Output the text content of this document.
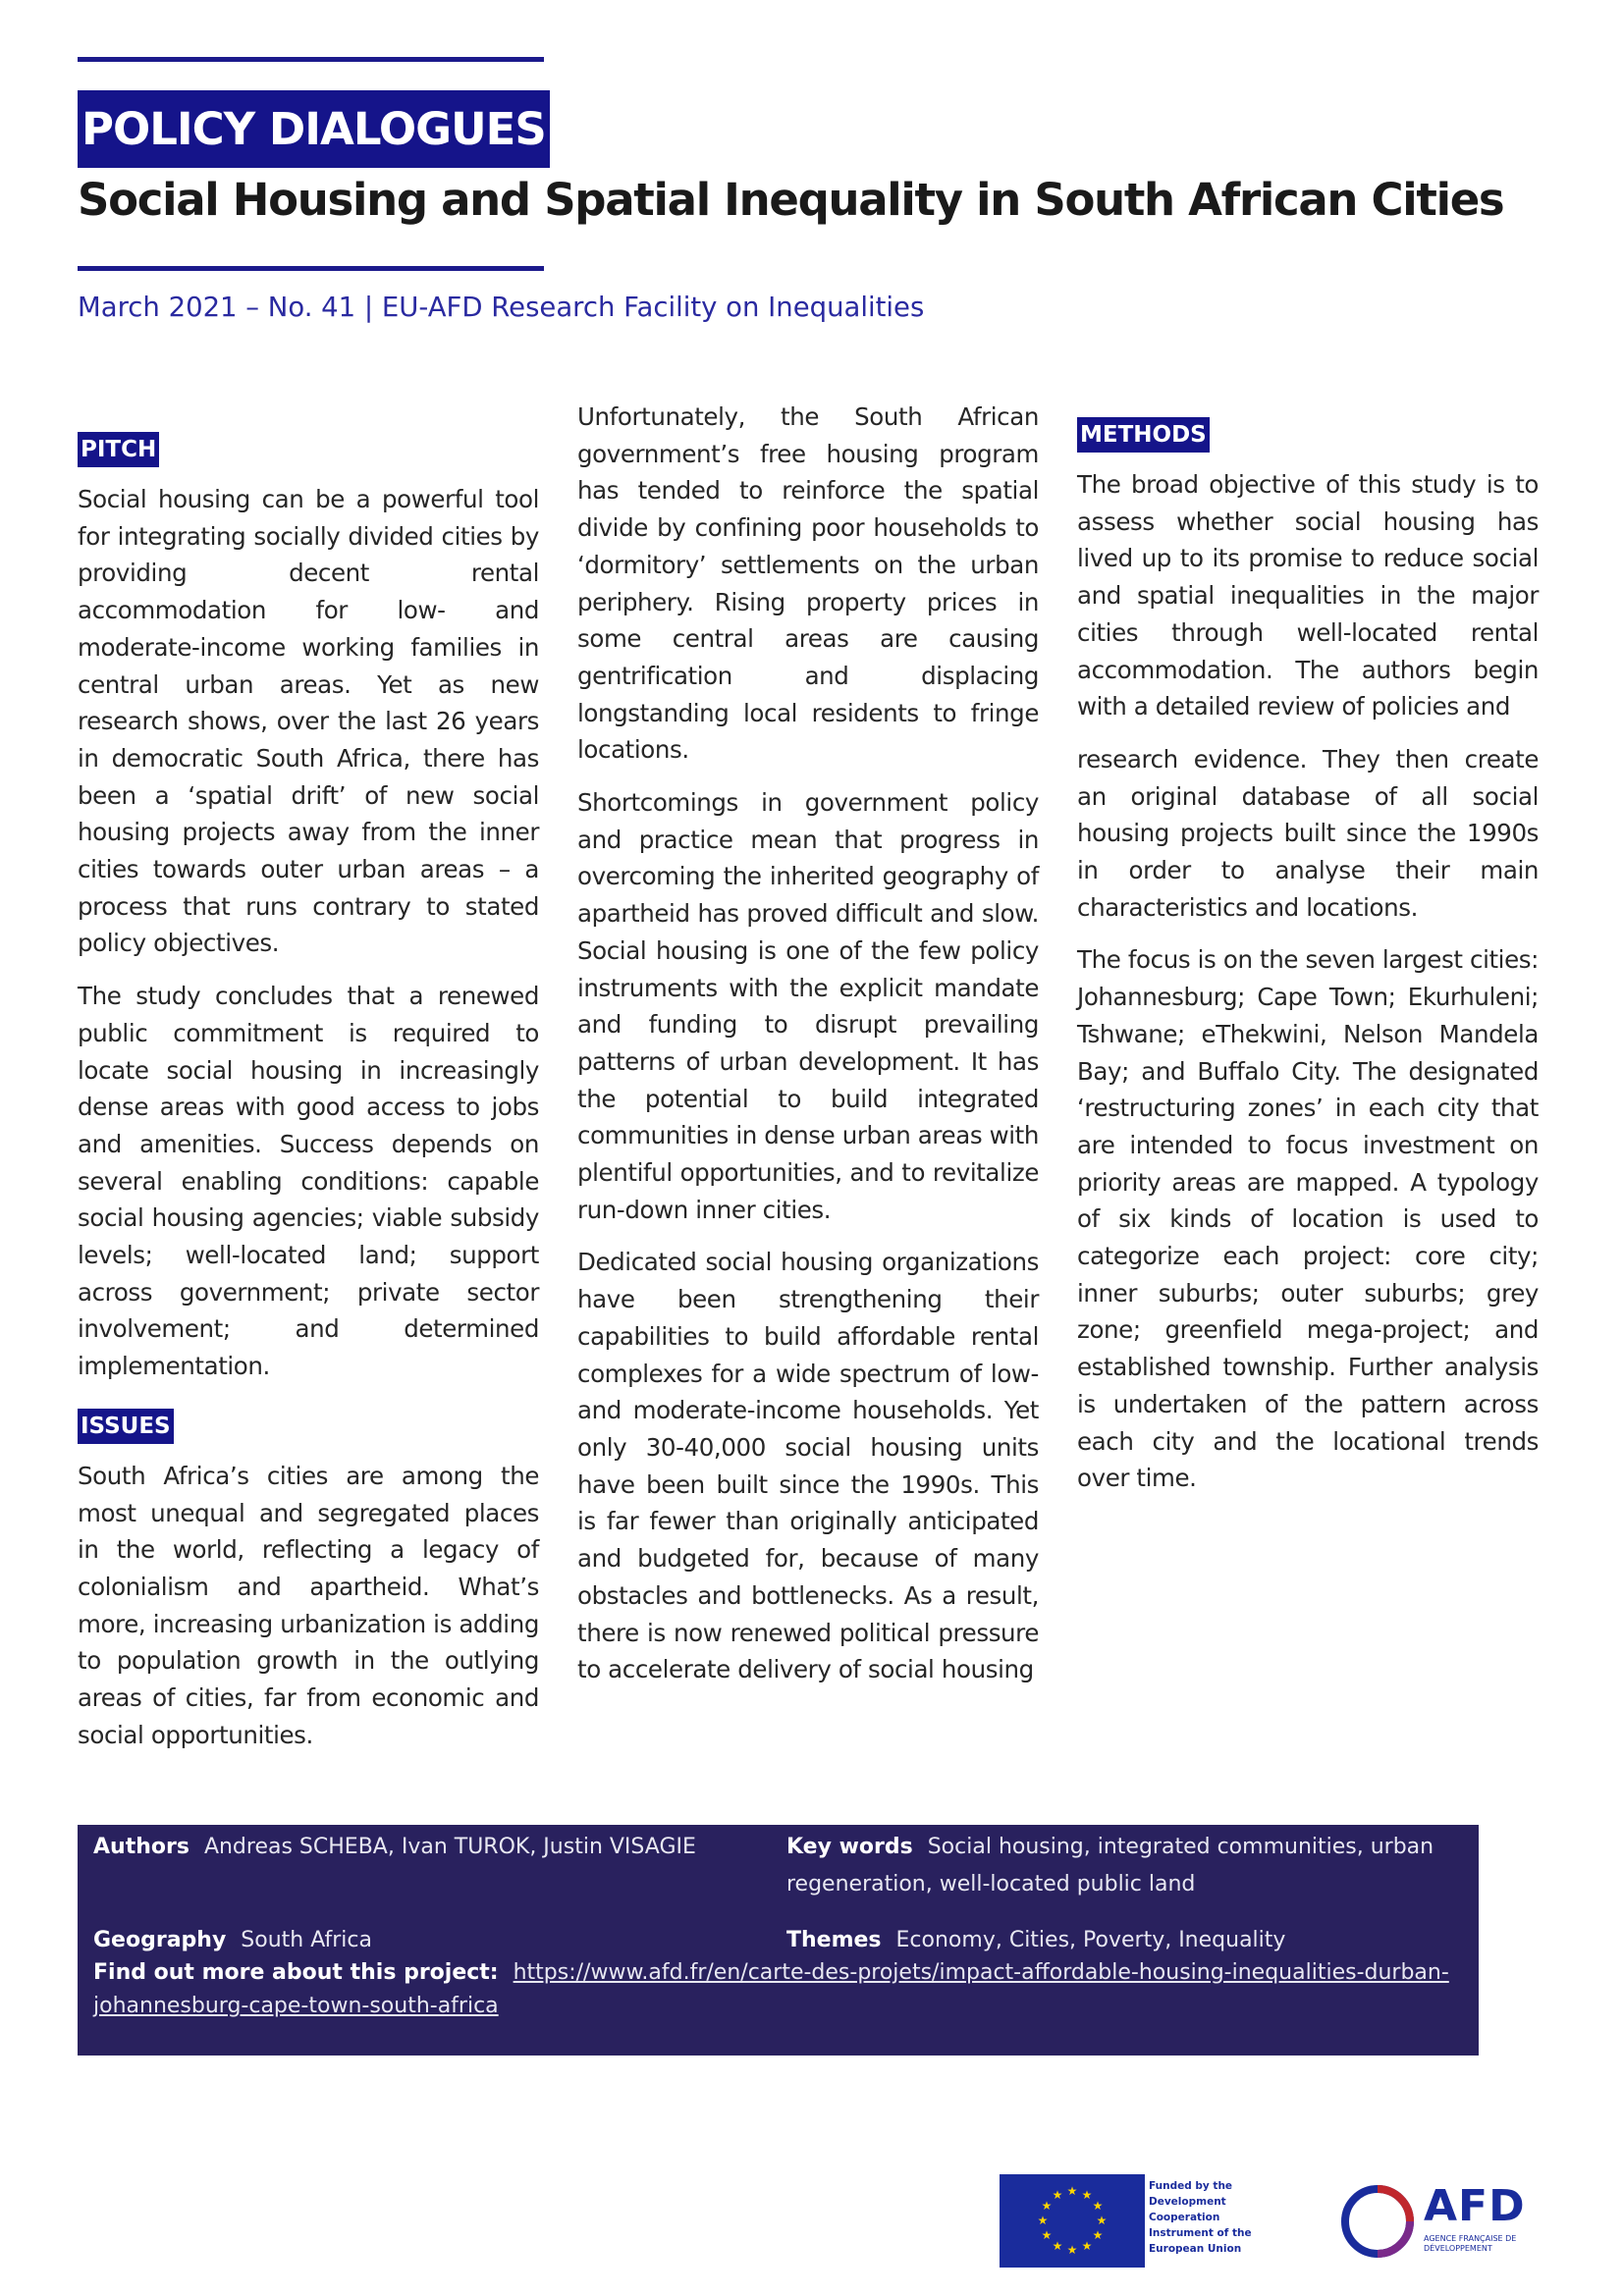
POLICY DIALOGUES
Social Housing and Spatial Inequality in South African Cities
March 2021 – No. 41 | EU-AFD Research Facility on Inequalities
PITCH

Social housing can be a powerful tool for integrating socially divided cities by providing decent rental accommodation for low- and moderate-income working families in central urban areas. Yet as new research shows, over the last 26 years in democratic South Africa, there has been a ‘spatial drift’ of new social housing projects away from the inner cities towards outer urban areas – a process that runs contrary to stated policy objectives.

The study concludes that a renewed public commitment is required to locate social housing in increasingly dense areas with good access to jobs and amenities. Success depends on several enabling conditions: capable social housing agencies; viable subsidy levels; well-located land; support across government; private sector involvement; and determined implementation.

ISSUES

South Africa’s cities are among the most unequal and segregated places in the world, reflecting a legacy of colonialism and apartheid. What’s more, increasing urbanization is adding to population growth in the outlying areas of cities, far from economic and social opportunities.

Unfortunately, the South African government’s free housing program has tended to reinforce the spatial divide by confining poor households to ‘dormitory’ settlements on the urban periphery. Rising property prices in some central areas are causing gentrification and displacing longstanding local residents to fringe locations.

Shortcomings in government policy and practice mean that progress in overcoming the inherited geography of apartheid has proved difficult and slow. Social housing is one of the few policy instruments with the explicit mandate and funding to disrupt prevailing patterns of urban development. It has the potential to build integrated communities in dense urban areas with plentiful opportunities, and to revitalize run-down inner cities.

Dedicated social housing organizations have been strengthening their capabilities to build affordable rental complexes for a wide spectrum of low- and moderate-income households. Yet only 30-40,000 social housing units have been built since the 1990s. This is far fewer than originally anticipated and budgeted for, because of many obstacles and bottlenecks. As a result, there is now renewed political pressure to accelerate delivery of social housing

METHODS

The broad objective of this study is to assess whether social housing has lived up to its promise to reduce social and spatial inequalities in the major cities through well-located rental accommodation. The authors begin with a detailed review of policies and

research evidence. They then create an original database of all social housing projects built since the 1990s in order to analyse their main characteristics and locations.

The focus is on the seven largest cities: Johannesburg; Cape Town; Ekurhuleni; Tshwane; eThekwini, Nelson Mandela Bay; and Buffalo City. The designated ‘restructuring zones’ in each city that are intended to focus investment on priority areas are mapped. A typology of six kinds of location is used to categorize each project: core city; inner suburbs; outer suburbs; grey zone; greenfield mega-project; and established township. Further analysis is undertaken of the pattern across each city and the locational trends over time.

Authors Andreas SCHEBA, Ivan TUROK, Justin VISAGIE	Key words Social housing, integrated communities, urban
regeneration, well-located public land
Geography South Africa	Themes Economy, Cities, Poverty, Inequality
Find out more about this project: https://www.afd.fr/en/carte-des-projets/impact-affordable-housing-inequalities-durban-
johannesburg-cape-town-south-africa
★ ★
★
★
★
★
★
★
★
★
★
★
Funded by the Development Cooperation Instrument of the European Union
AFD
AGENCE FRANÇAISE DE DÉVELOPPEMENT
